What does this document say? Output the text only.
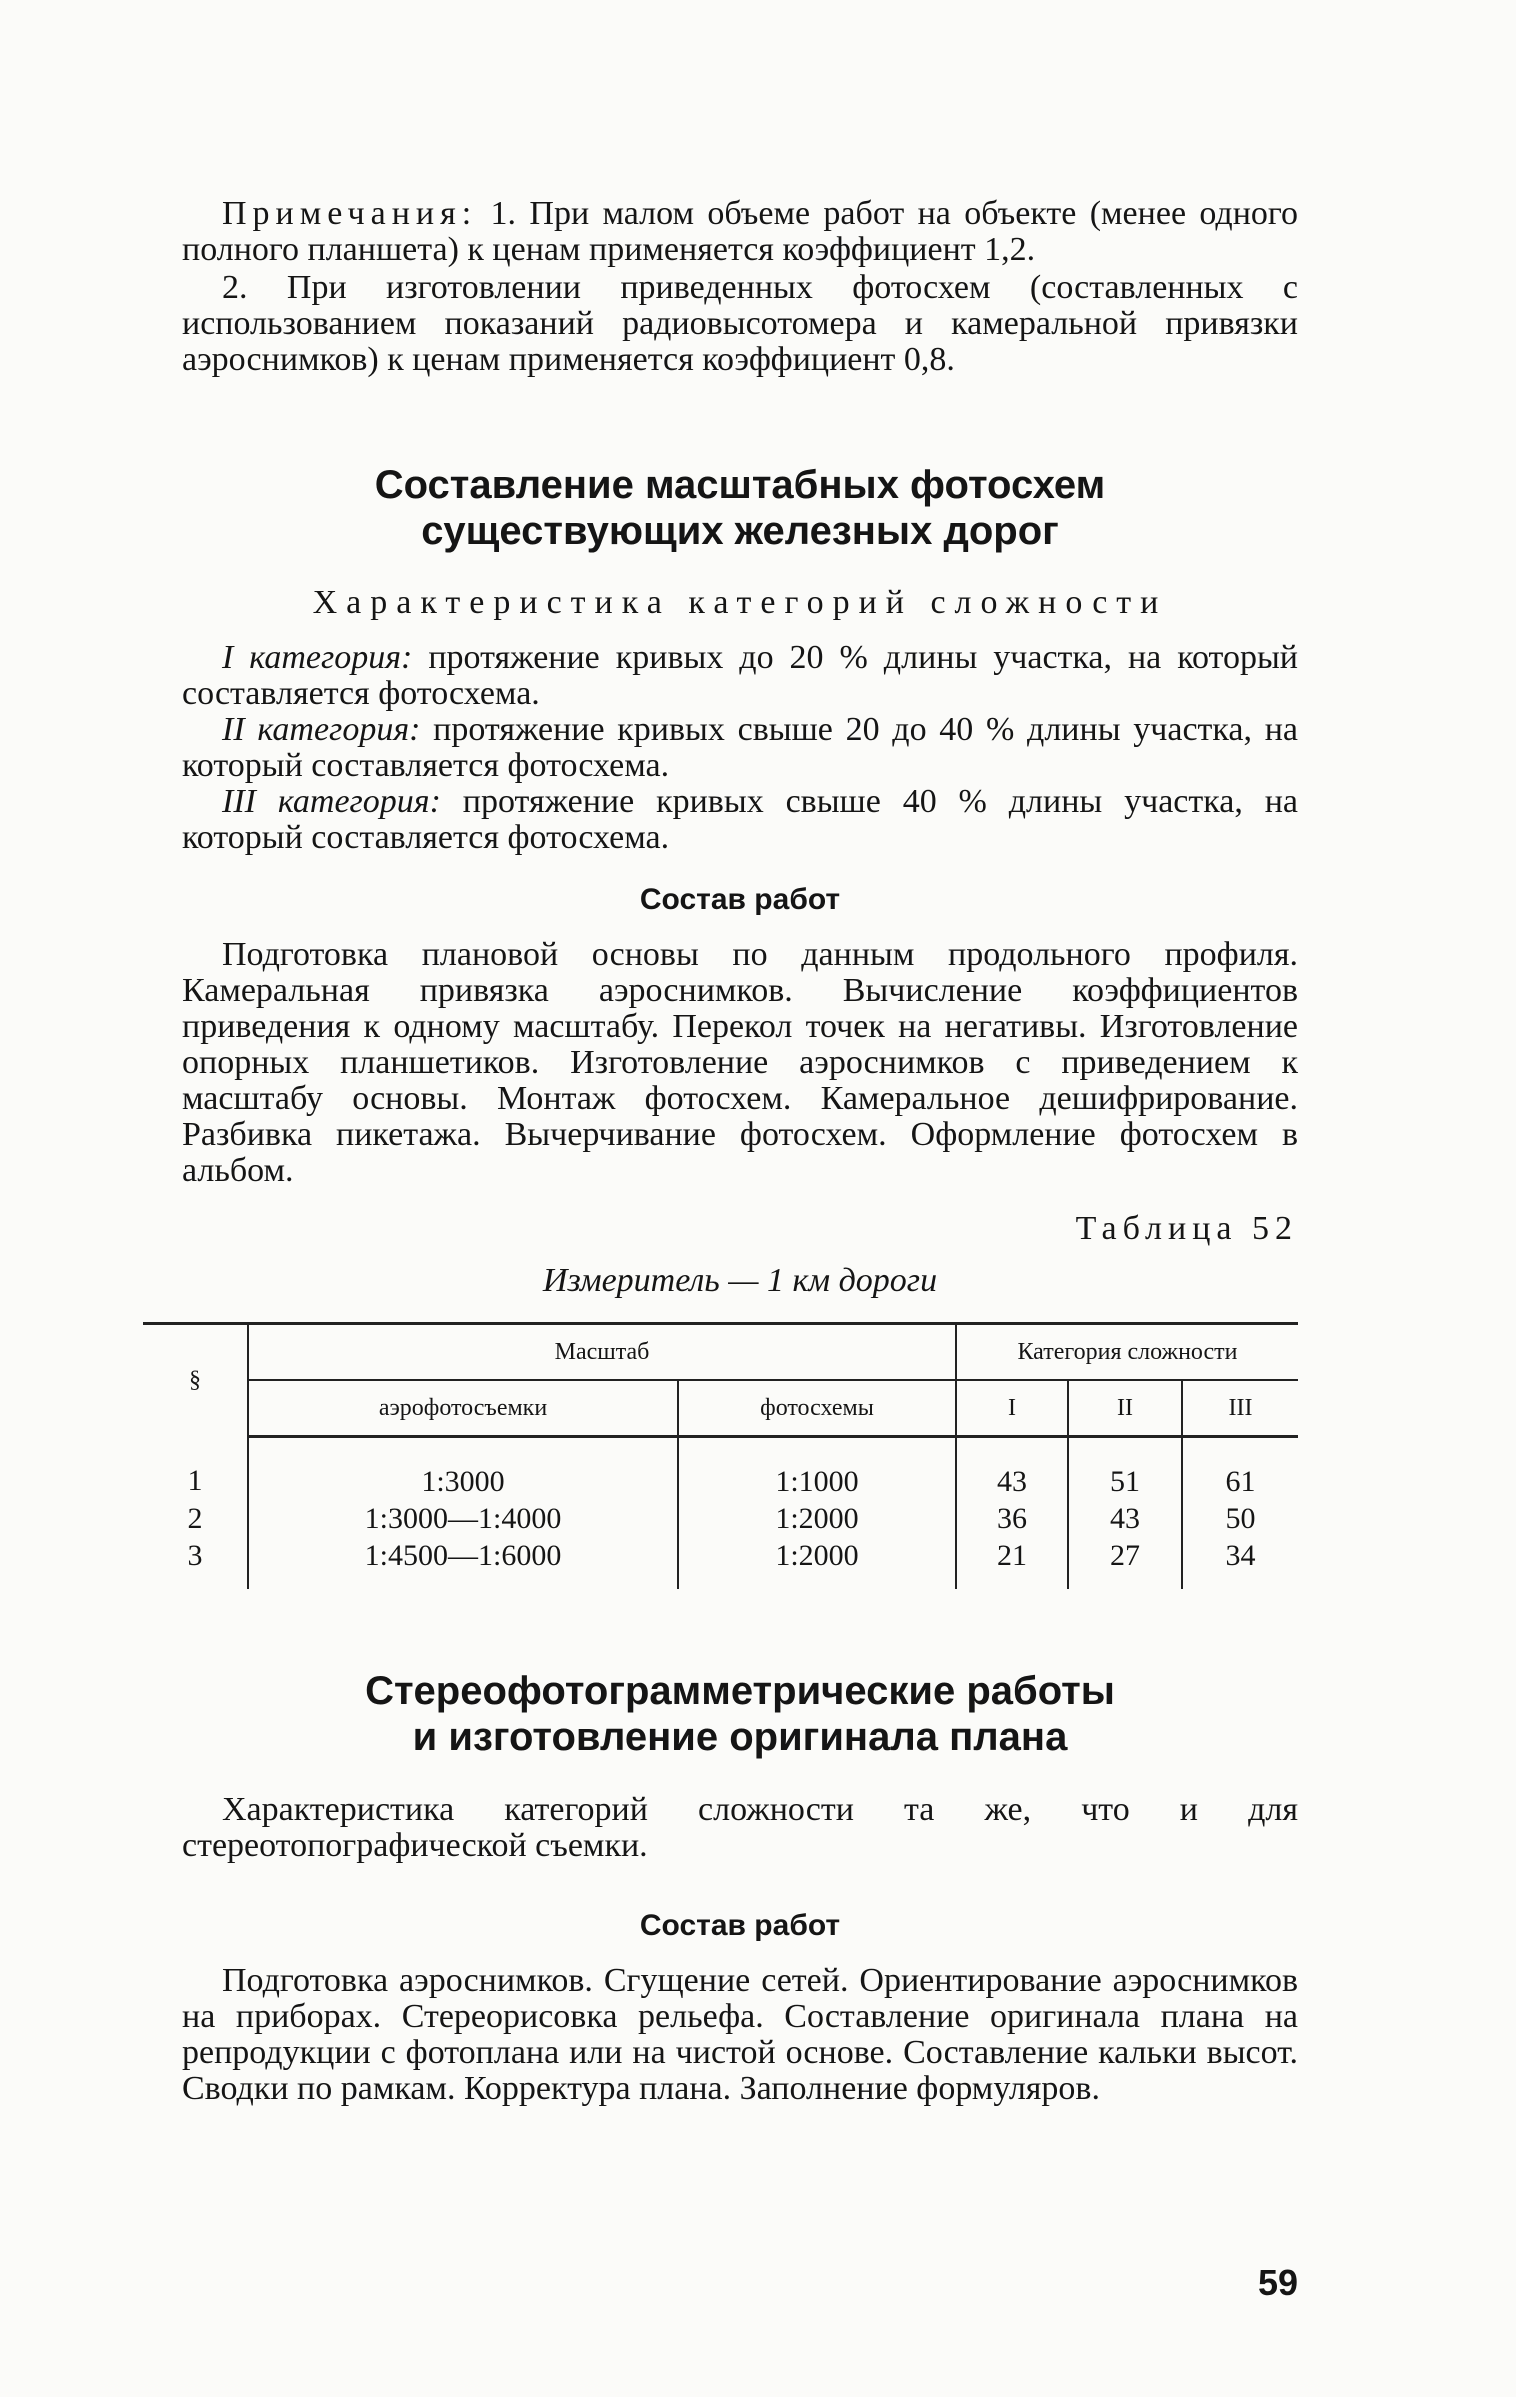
Примечания: 1. При малом объеме работ на объекте (менее одного полного планшета) к ценам применяется коэффициент 1,2.

2. При изготовлении приведенных фотосхем (составленных с использованием показаний радиовысотомера и камеральной привязки аэроснимков) к ценам применяется коэффициент 0,8.

Составление масштабных фотосхем
существующих железных дорог
Характеристика категорий сложности

I категория: протяжение кривых до 20 % длины участка, на который составляется фотосхема.

II категория: протяжение кривых свыше 20 до 40 % длины участка, на который составляется фотосхема.

III категория: протяжение кривых свыше 40 % длины участка, на который составляется фотосхема.

Состав работ

Подготовка плановой основы по данным продольного профиля. Камеральная привязка аэроснимков. Вычисление коэффициентов приведения к одному масштабу. Перекол точек на негативы. Изготовление опорных планшетиков. Изготовление аэроснимков с приведением к масштабу основы. Монтаж фотосхем. Камеральное дешифрирование. Разбивка пикетажа. Вычерчивание фотосхем. Оформление фотосхем в альбом.

Таблица 52
Измеритель — 1 км дороги
§	Масштаб		Категория сложности		
	аэрофотосъемки	фотосхемы	I	II	III
1	1:3000	1:1000	43	51	61
2	1:3000—1:4000	1:2000	36	43	50
3	1:4500—1:6000	1:2000	21	27	34
Стереофотограмметрические работы
и изготовление оригинала плана

Характеристика категорий сложности та же, что и для стереотопографической съемки.

Состав работ

Подготовка аэроснимков. Сгущение сетей. Ориентирование аэроснимков на приборах. Стереорисовка рельефа. Составление оригинала плана на репродукции с фотоплана или на чистой основе. Составление кальки высот. Сводки по рамкам. Корректура плана. Заполнение формуляров.

59
